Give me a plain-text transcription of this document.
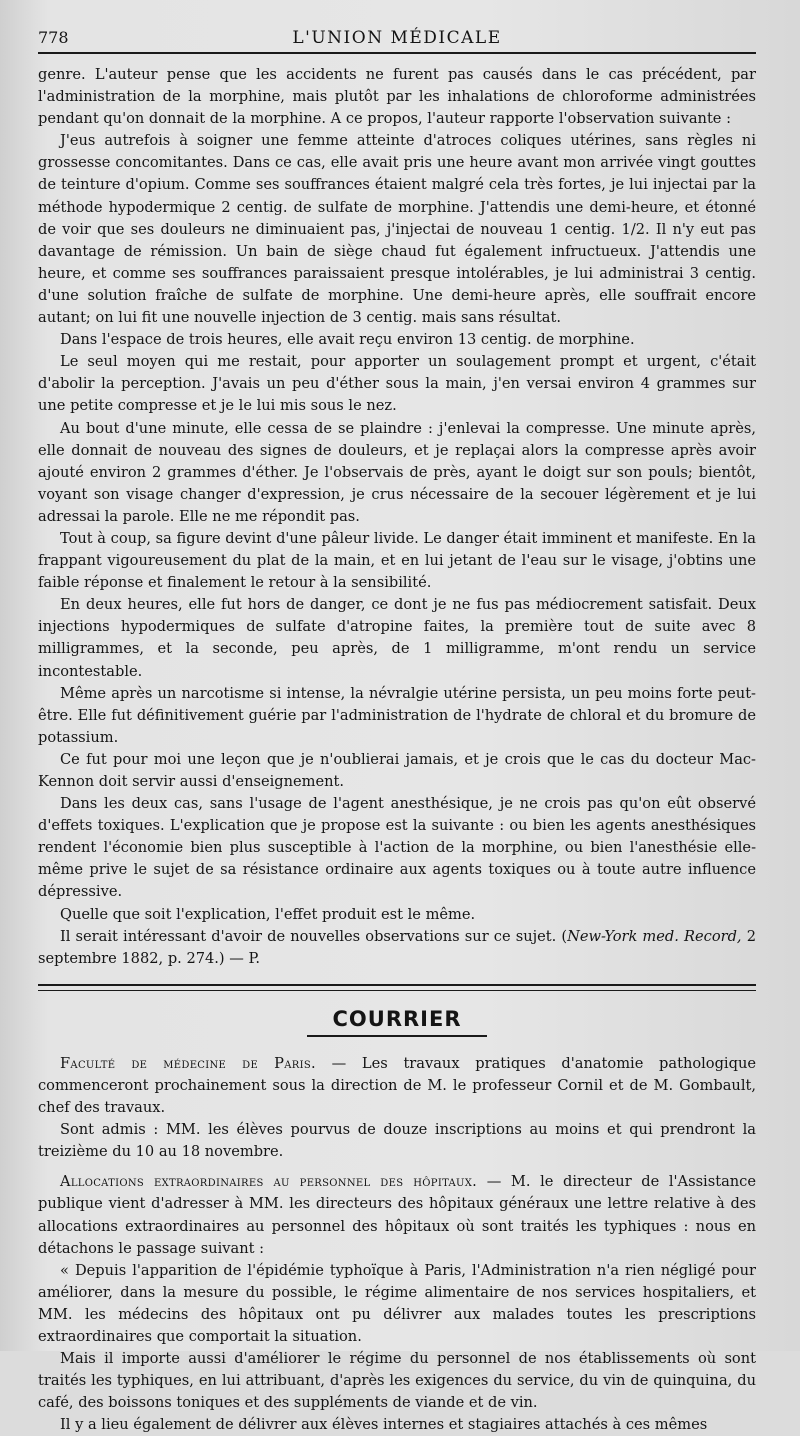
778	L'UNION MÉDICALE

genre. L'auteur pense que les accidents ne furent pas causés dans le cas précédent, par l'administration de la morphine, mais plutôt par les inhalations de chloroforme administrées pendant qu'on donnait de la morphine. A ce propos, l'auteur rapporte l'observation suivante :

J'eus autrefois à soigner une femme atteinte d'atroces coliques utérines, sans règles ni grossesse concomitantes. Dans ce cas, elle avait pris une heure avant mon arrivée vingt gouttes de teinture d'opium. Comme ses souffrances étaient malgré cela très fortes, je lui injectai par la méthode hypodermique 2 centig. de sulfate de morphine. J'attendis une demi-heure, et étonné de voir que ses douleurs ne diminuaient pas, j'injectai de nouveau 1 centig. 1/2. Il n'y eut pas davantage de rémission. Un bain de siège chaud fut également infructueux. J'attendis une heure, et comme ses souffrances paraissaient presque intolérables, je lui administrai 3 centig. d'une solution fraîche de sulfate de morphine. Une demi-heure après, elle souffrait encore autant; on lui fit une nouvelle injection de 3 centig. mais sans résultat.

Dans l'espace de trois heures, elle avait reçu environ 13 centig. de morphine.

Le seul moyen qui me restait, pour apporter un soulagement prompt et urgent, c'était d'abolir la perception. J'avais un peu d'éther sous la main, j'en versai environ 4 grammes sur une petite compresse et je le lui mis sous le nez.

Au bout d'une minute, elle cessa de se plaindre : j'enlevai la compresse. Une minute après, elle donnait de nouveau des signes de douleurs, et je replaçai alors la compresse après avoir ajouté environ 2 grammes d'éther. Je l'observais de près, ayant le doigt sur son pouls; bientôt, voyant son visage changer d'expression, je crus nécessaire de la secouer légèrement et je lui adressai la parole. Elle ne me répondit pas.

Tout à coup, sa figure devint d'une pâleur livide. Le danger était imminent et manifeste. En la frappant vigoureusement du plat de la main, et en lui jetant de l'eau sur le visage, j'obtins une faible réponse et finalement le retour à la sensibilité.

En deux heures, elle fut hors de danger, ce dont je ne fus pas médiocrement satisfait. Deux injections hypodermiques de sulfate d'atropine faites, la première tout de suite avec 8 milligrammes, et la seconde, peu après, de 1 milligramme, m'ont rendu un service incontestable.

Même après un narcotisme si intense, la névralgie utérine persista, un peu moins forte peut-être. Elle fut définitivement guérie par l'administration de l'hydrate de chloral et du bromure de potassium.

Ce fut pour moi une leçon que je n'oublierai jamais, et je crois que le cas du docteur Mac-Kennon doit servir aussi d'enseignement.

Dans les deux cas, sans l'usage de l'agent anesthésique, je ne crois pas qu'on eût observé d'effets toxiques. L'explication que je propose est la suivante : ou bien les agents anesthésiques rendent l'économie bien plus susceptible à l'action de la morphine, ou bien l'anesthésie elle-même prive le sujet de sa résistance ordinaire aux agents toxiques ou à toute autre influence dépressive.

Quelle que soit l'explication, l'effet produit est le même.

Il serait intéressant d'avoir de nouvelles observations sur ce sujet. (New-York med. Record, 2 septembre 1882, p. 274.) — P.

COURRIER

Faculté de médecine de Paris. — Les travaux pratiques d'anatomie pathologique commenceront prochainement sous la direction de M. le professeur Cornil et de M. Gombault, chef des travaux.

Sont admis : MM. les élèves pourvus de douze inscriptions au moins et qui prendront la treizième du 10 au 18 novembre.

Allocations extraordinaires au personnel des hôpitaux. — M. le directeur de l'Assistance publique vient d'adresser à MM. les directeurs des hôpitaux généraux une lettre relative à des allocations extraordinaires au personnel des hôpitaux où sont traités les typhiques : nous en détachons le passage suivant :

« Depuis l'apparition de l'épidémie typhoïque à Paris, l'Administration n'a rien négligé pour améliorer, dans la mesure du possible, le régime alimentaire de nos services hospitaliers, et MM. les médecins des hôpitaux ont pu délivrer aux malades toutes les prescriptions extraordinaires que comportait la situation.

Mais il importe aussi d'améliorer le régime du personnel de nos établissements où sont traités les typhiques, en lui attribuant, d'après les exigences du service, du vin de quinquina, du café, des boissons toniques et des suppléments de viande et de vin.

Il y a lieu également de délivrer aux élèves internes et stagiaires attachés à ces mêmes
